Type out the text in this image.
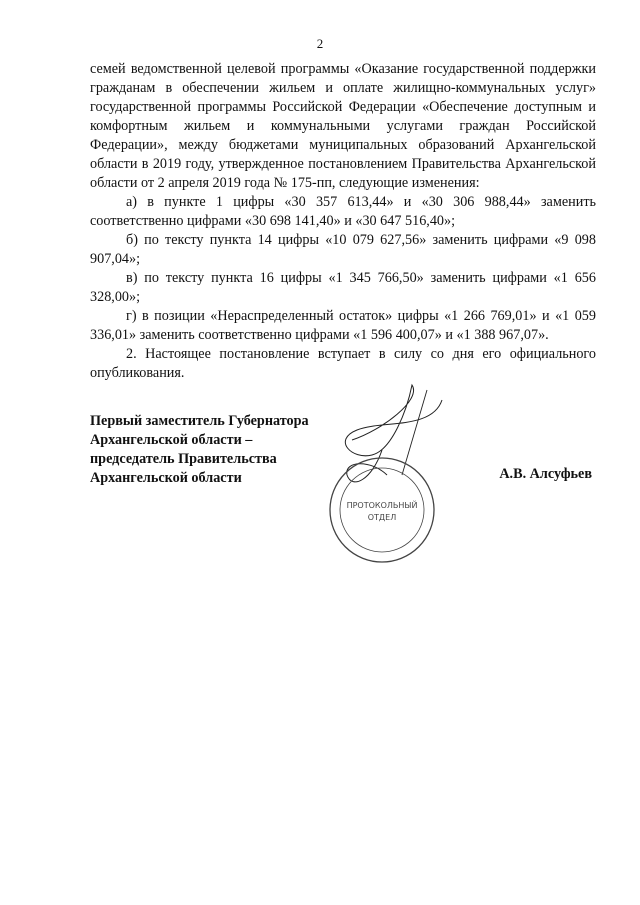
2

семей ведомственной целевой программы «Оказание государственной поддержки гражданам в обеспечении жильем и оплате жилищно-коммунальных услуг» государственной программы Российской Федерации «Обеспечение доступным и комфортным жильем и коммунальными услугами граждан Российской Федерации», между бюджетами муниципальных образований Архангельской области в 2019 году, утвержденное постановлением Правительства Архангельской области от 2 апреля 2019 года № 175-пп, следующие изменения:

а) в пункте 1 цифры «30 357 613,44» и «30 306 988,44» заменить соответственно цифрами «30 698 141,40» и «30 647 516,40»;

б) по тексту пункта 14 цифры «10 079 627,56» заменить цифрами «9 098 907,04»;

в) по тексту пункта 16 цифры «1 345 766,50» заменить цифрами «1 656 328,00»;

г) в позиции «Нераспределенный остаток» цифры «1 266 769,01» и «1 059 336,01» заменить соответственно цифрами «1 596 400,07» и «1 388 967,07».

2. Настоящее постановление вступает в силу со дня его официального опубликования.

ПРОТОКОЛЬНЫЙ
ОТДЕЛ
Первый заместитель Губернатора
Архангельской области –
председатель Правительства
Архангельской области	А.В. Алсуфьев
